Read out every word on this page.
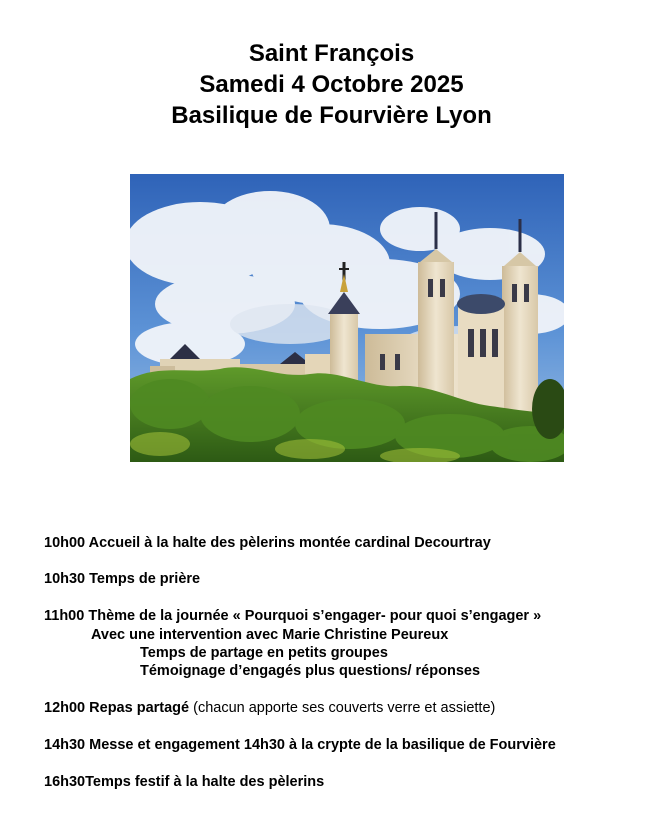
Saint François
Samedi 4 Octobre 2025
Basilique de Fourvière Lyon
10h00 Accueil à la halte des pèlerins montée cardinal Decourtray
10h30 Temps de prière
11h00 Thème de la journée « Pourquoi s’engager- pour quoi s’engager »
Avec une intervention avec Marie Christine Peureux
Temps de partage en petits groupes
Témoignage d’engagés plus questions/ réponses
12h00 Repas partagé (chacun apporte ses couverts verre et assiette)
14h30 Messe et engagement 14h30 à la crypte de la basilique de Fourvière
16h30Temps festif à la halte des pèlerins
